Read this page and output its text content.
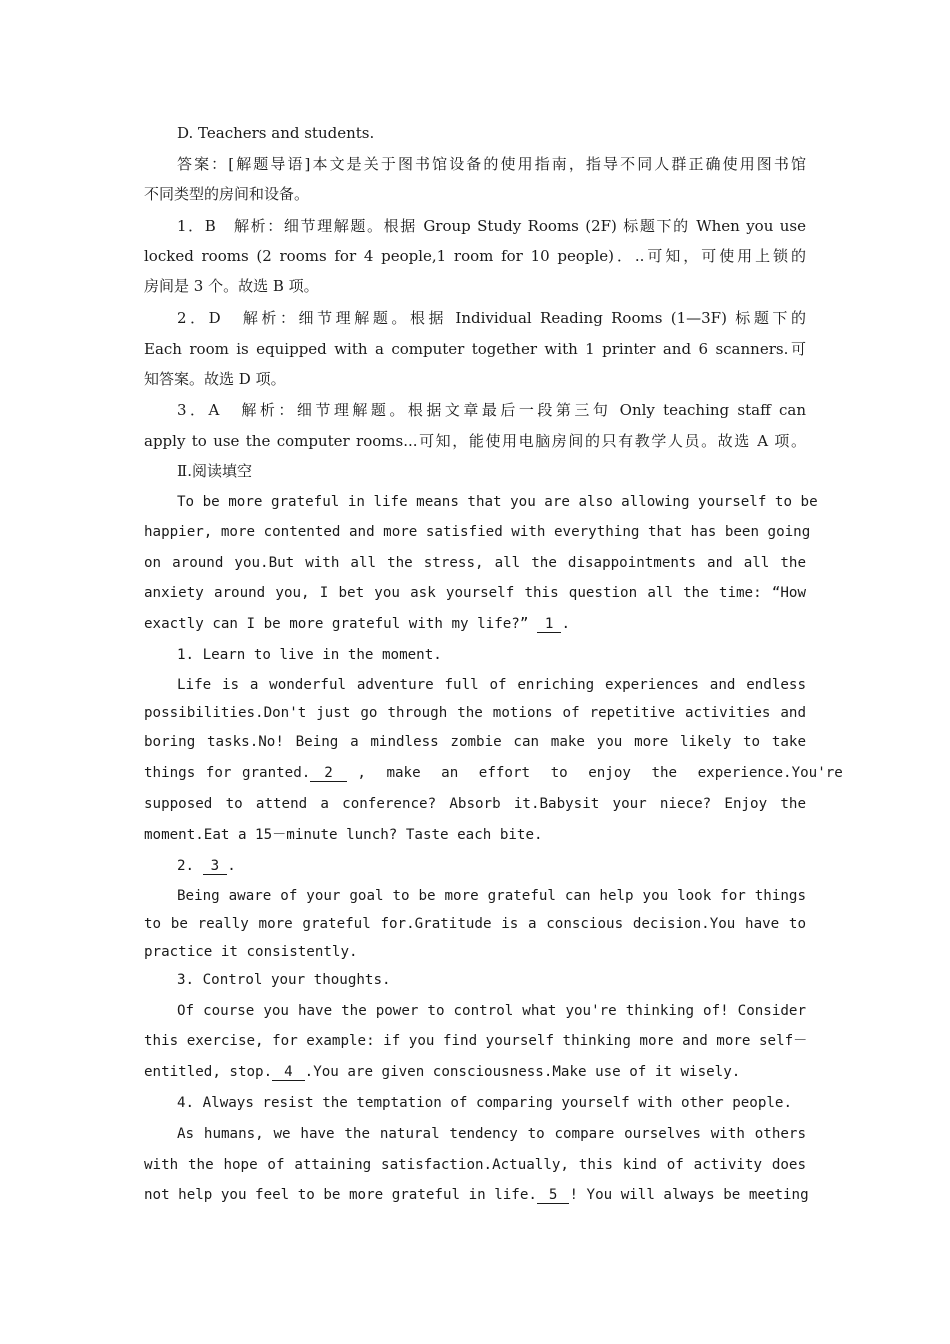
D. Teachers and students.
答案：[解题导语]本文是关于图书馆设备的使用指南，指导不同人群正确使用图书馆
不同类型的房间和设备。
1．B　解析：细节理解题。根据 Group Study Rooms (2F) 标题下的 When you use
locked rooms (2 rooms for 4 people,1 room for 10 people)．..可知，可使用上锁的
房间是 3 个。故选 B 项。
2．D　解析：细节理解题。根据 Individual Reading Rooms (1—3F) 标题下的
Each room is equipped with a computer together with 1 printer and 6 scanners.可
知答案。故选 D 项。
3．A　解析：细节理解题。根据文章最后一段第三句 Only teaching staff can
apply to use the computer rooms...可知，能使用电脑房间的只有教学人员。故选 A 项。
Ⅱ.阅读填空
To be more grateful in life means that you are also allowing yourself to be
happier, more contented and more satisfied with everything that has been going
on around you.But with all the stress, all the disappointments and all the
anxiety around you, I bet you ask yourself this question all the time: “How
exactly can I be more grateful with my life?” 1 .
1. Learn to live in the moment.
Life is a wonderful adventure full of enriching experiences and endless
possibilities.Don't just go through the motions of repetitive activities and
boring tasks.No! Being a mindless zombie can make you more likely to take
things for granted. 2 , make an effort to enjoy the experience.You're
supposed to attend a conference? Absorb it.Babysit your niece? Enjoy the
moment.Eat a 15－minute lunch? Taste each bite.
2. 3 .
Being aware of your goal to be more grateful can help you look for things
to be really more grateful for.Gratitude is a conscious decision.You have to
practice it consistently.
3. Control your thoughts.
Of course you have the power to control what you're thinking of! Consider
this exercise, for example: if you find yourself thinking more and more self－
entitled, stop. 4 .You are given consciousness.Make use of it wisely.
4. Always resist the temptation of comparing yourself with other people.
As humans, we have the natural tendency to compare ourselves with others
with the hope of attaining satisfaction.Actually, this kind of activity does
not help you feel to be more grateful in life. 5 ! You will always be meeting
